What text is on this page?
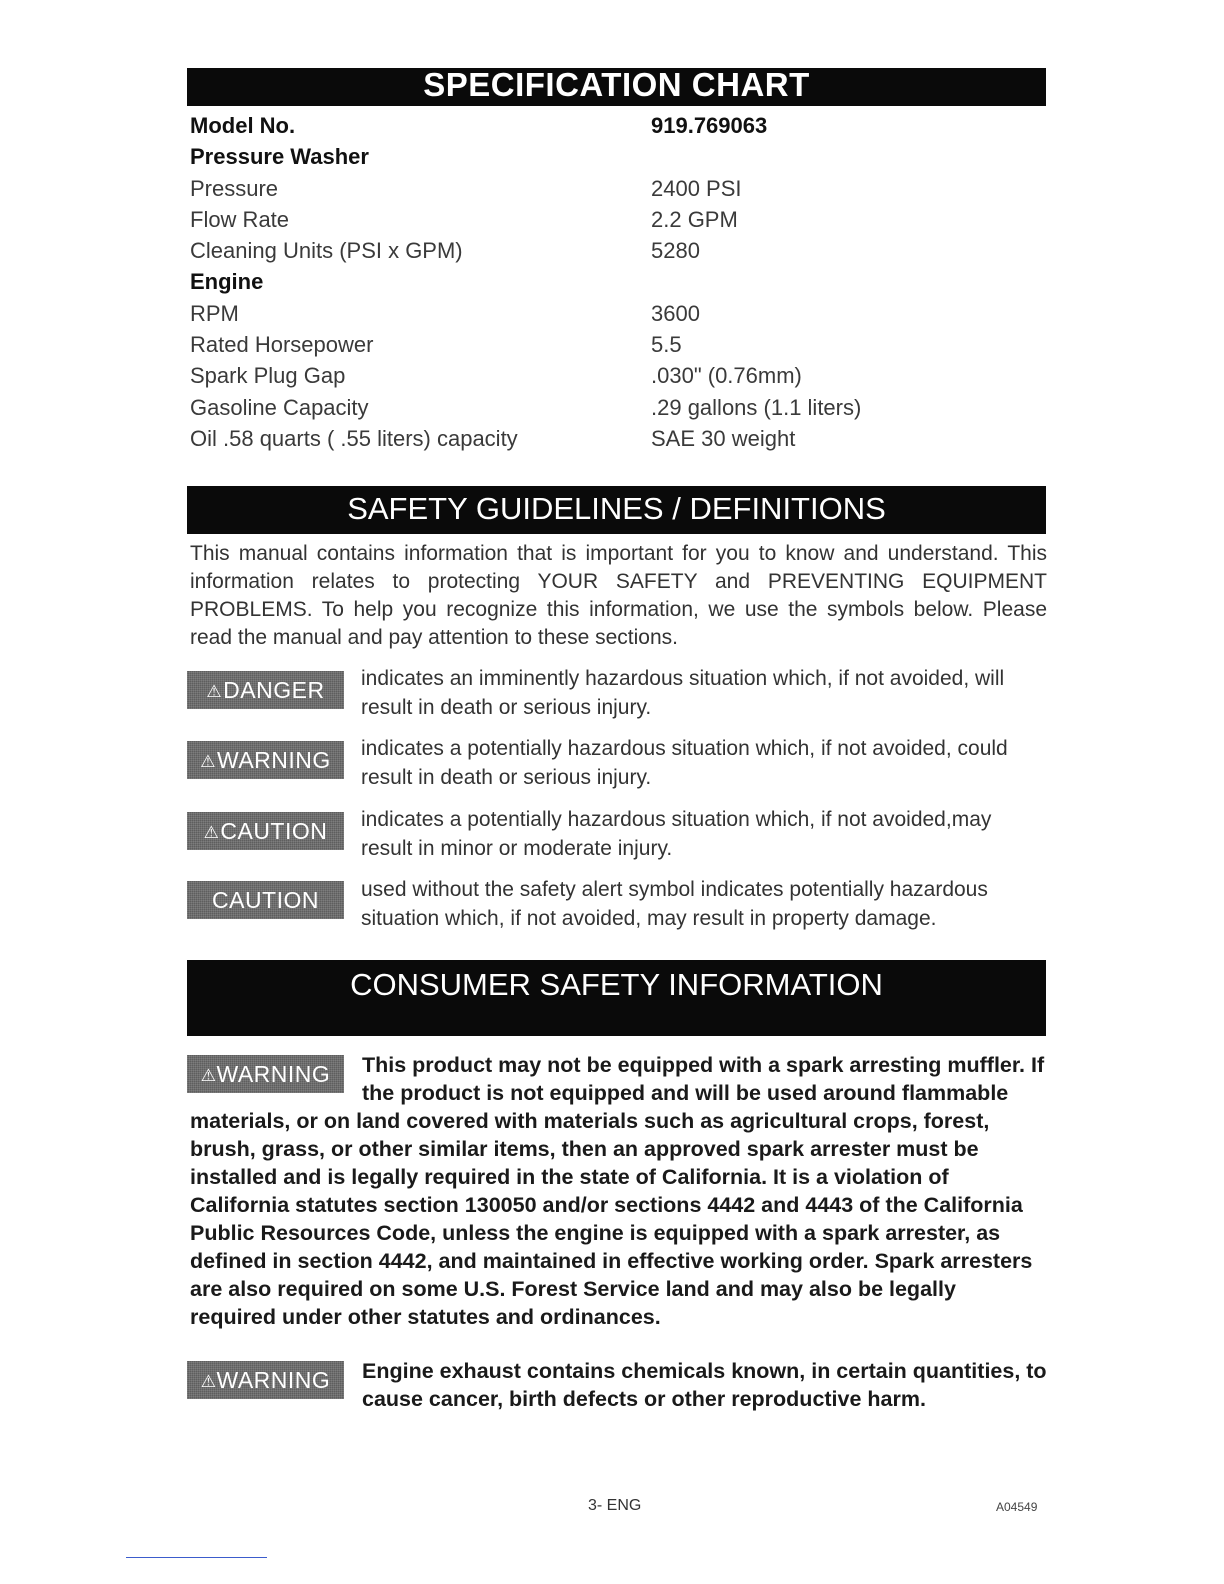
SPECIFICATION CHART
Model No.	919.769063
Pressure Washer
Pressure	2400 PSI
Flow Rate	2.2 GPM
Cleaning Units (PSI x GPM)	5280
Engine
RPM	3600
Rated Horsepower	5.5
Spark Plug Gap	.030" (0.76mm)
Gasoline Capacity	.29 gallons (1.1 liters)
Oil .58 quarts ( .55 liters) capacity	SAE 30 weight
SAFETY GUIDELINES / DEFINITIONS

This manual contains information that is important for you to know and understand. This information relates to protecting YOUR SAFETY and PREVENTING EQUIPMENT PROBLEMS. To help you recognize this information, we use the symbols below. Please read the manual and pay attention to these sections.

⚠DANGER	indicates an imminently hazardous situation which, if not avoided, will result in death or serious injury.

⚠WARNING	indicates a potentially hazardous situation which, if not avoided, could result in death or serious injury.

⚠CAUTION	indicates a potentially hazardous situation which, if not avoided,may result in minor or moderate injury.

CAUTION	used without the safety alert symbol indicates potentially hazardous situation which, if not avoided, may result in property damage.

CONSUMER SAFETY INFORMATION
⚠WARNING	This product may not be equipped with a spark arresting muffler. If the product is not equipped and will be used around flammable materials, or on land covered with materials such as agricultural crops, forest, brush, grass, or other similar items, then an approved spark arrester must be installed and is legally required in the state of California. It is a violation of California statutes section 130050 and/or sections 4442 and 4443 of the California Public Resources Code, unless the engine is equipped with a spark arrester, as defined in section 4442, and maintained in effective working order. Spark arresters are also required on some U.S. Forest Service land and may also be legally required under other statutes and ordinances.
⚠WARNING	Engine exhaust contains chemicals known, in certain quantities, to cause cancer, birth defects or other reproductive harm.
3- ENG	A04549
